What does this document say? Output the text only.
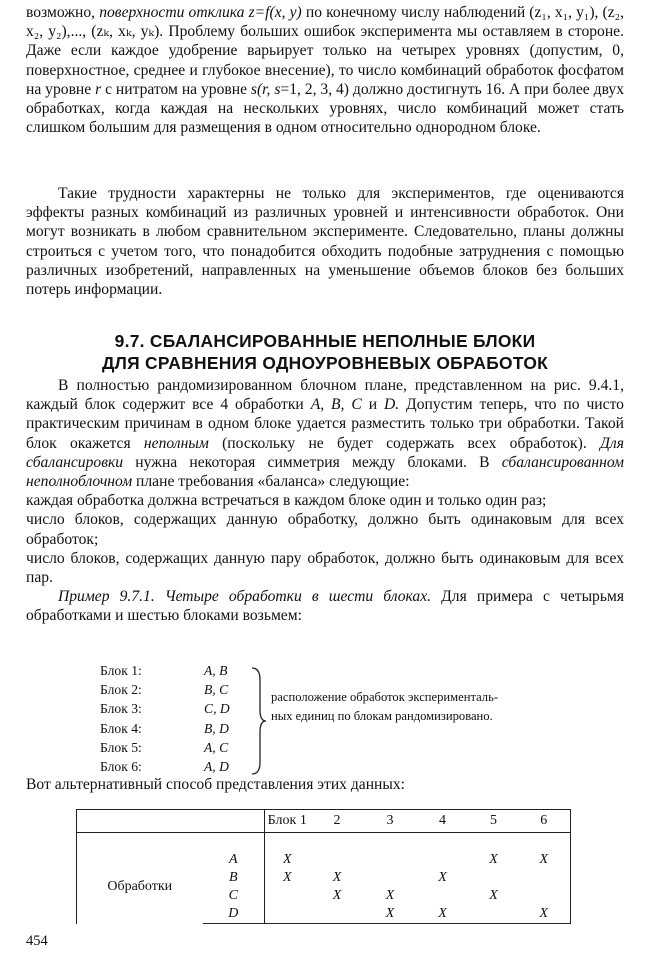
возможно, поверхности отклика z=f(x, y) по конечному числу наблюдений (z₁, x₁, y₁), (z₂, x₂, y₂),..., (zₖ, xₖ, yₖ). Проблему больших ошибок эксперимента мы оставляем в стороне. Даже если каждое удобрение варьирует только на четырех уровнях (допустим, 0, поверхностное, среднее и глубокое внесение), то число комбинаций обработок фосфатом на уровне r с нитратом на уровне s(r, s=1, 2, 3, 4) должно достигнуть 16. А при более двух обработках, когда каждая на нескольких уровнях, число комбинаций может стать слишком большим для размещения в одном относительно однородном блоке.

Такие трудности характерны не только для экспериментов, где оцениваются эффекты разных комбинаций из различных уровней и интенсивности обработок. Они могут возникать в любом сравнительном эксперименте. Следовательно, планы должны строиться с учетом того, что понадобится обходить подобные затруднения с помощью различных изобретений, направленных на уменьшение объемов блоков без больших потерь информации.

9.7. СБАЛАНСИРОВАННЫЕ НЕПОЛНЫЕ БЛОКИ
ДЛЯ СРАВНЕНИЯ ОДНОУРОВНЕВЫХ ОБРАБОТОК

В полностью рандомизированном блочном плане, представленном на рис. 9.4.1, каждый блок содержит все 4 обработки A, B, C и D. Допустим теперь, что по чисто практическим причинам в одном блоке удается разместить только три обработки. Такой блок окажется неполным (поскольку не будет содержать всех обработок). Для сбалансировки нужна некоторая симметрия между блоками. В сбалансированном неполноблочном плане требования «баланса» следующие:

каждая обработка должна встречаться в каждом блоке один и только один раз;

число блоков, содержащих данную обработку, должно быть одинаковым для всех обработок;

число блоков, содержащих данную пару обработок, должно быть одинаковым для всех пар.

Пример 9.7.1. Четыре обработки в шести блоках. Для примера с четырьмя обработками и шестью блоками возьмем:

Блок 1:	A, B
Блок 2:	B, C
Блок 3:	C, D
Блок 4:	B, D
Блок 5:	A, C
Блок 6:	A, D
расположение обработок эксперименталь-
ных единиц по блокам рандомизировано.
Вот альтернативный способ представления этих данных:
		Блок 1	2	3	4	5	6

Обработки	A	X				X	X
	B	X	X		X		
	C		X	X		X	
	D			X	X		X
454
